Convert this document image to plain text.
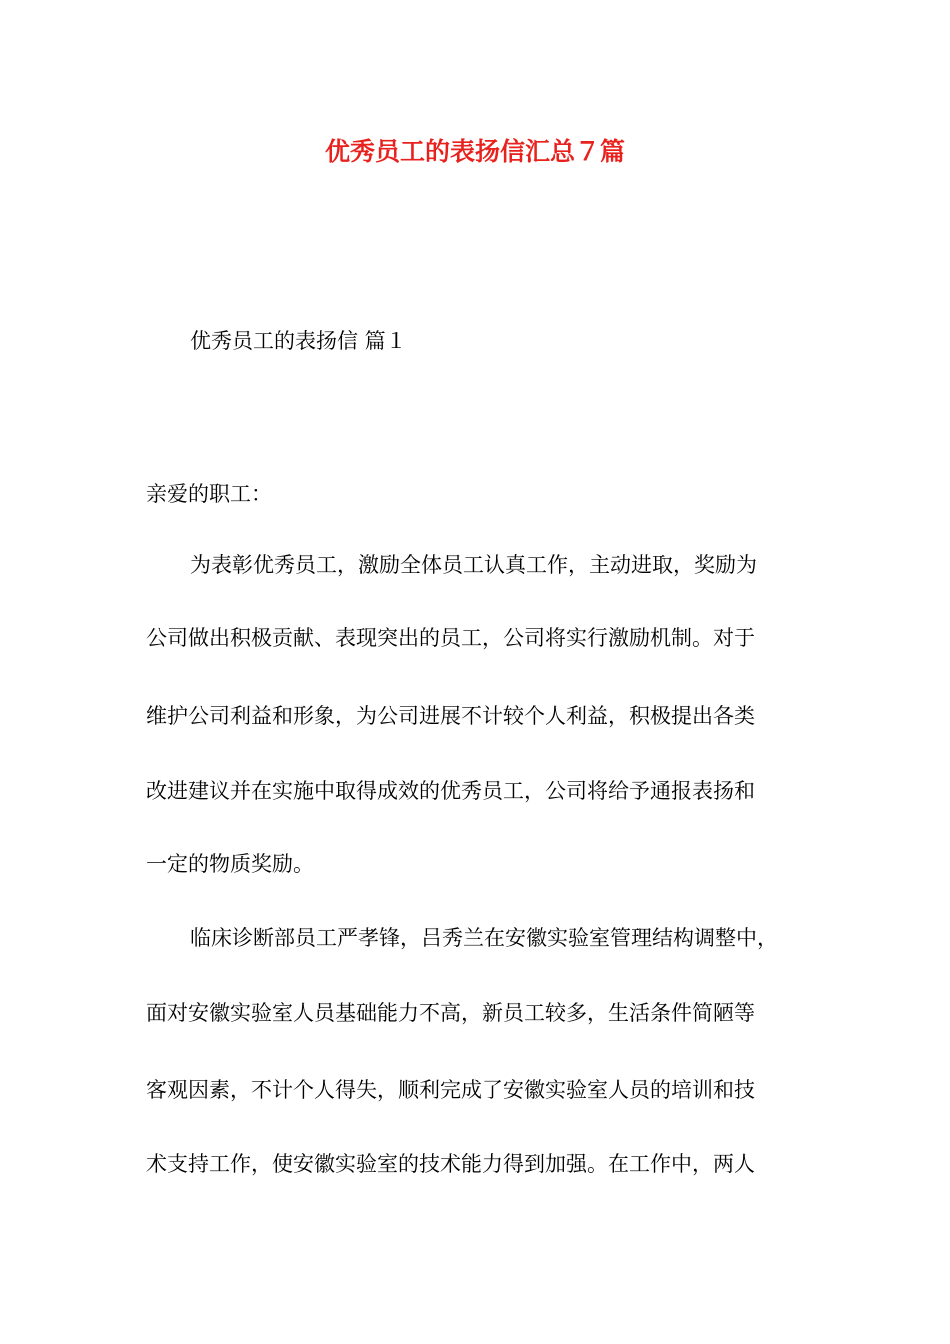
优秀员工的表扬信汇总７篇
优秀员工的表扬信 篇１
亲爱的职工：
为表彰优秀员工，激励全体员工认真工作，主动进取，奖励为
公司做出积极贡献、表现突出的员工，公司将实行激励机制。对于
维护公司利益和形象，为公司进展不计较个人利益，积极提出各类
改进建议并在实施中取得成效的优秀员工，公司将给予通报表扬和
一定的物质奖励。
临床诊断部员工严孝锋，吕秀兰在安徽实验室管理结构调整中，
面对安徽实验室人员基础能力不高，新员工较多，生活条件简陋等
客观因素，不计个人得失，顺利完成了安徽实验室人员的培训和技
术支持工作，使安徽实验室的技术能力得到加强。在工作中，两人
